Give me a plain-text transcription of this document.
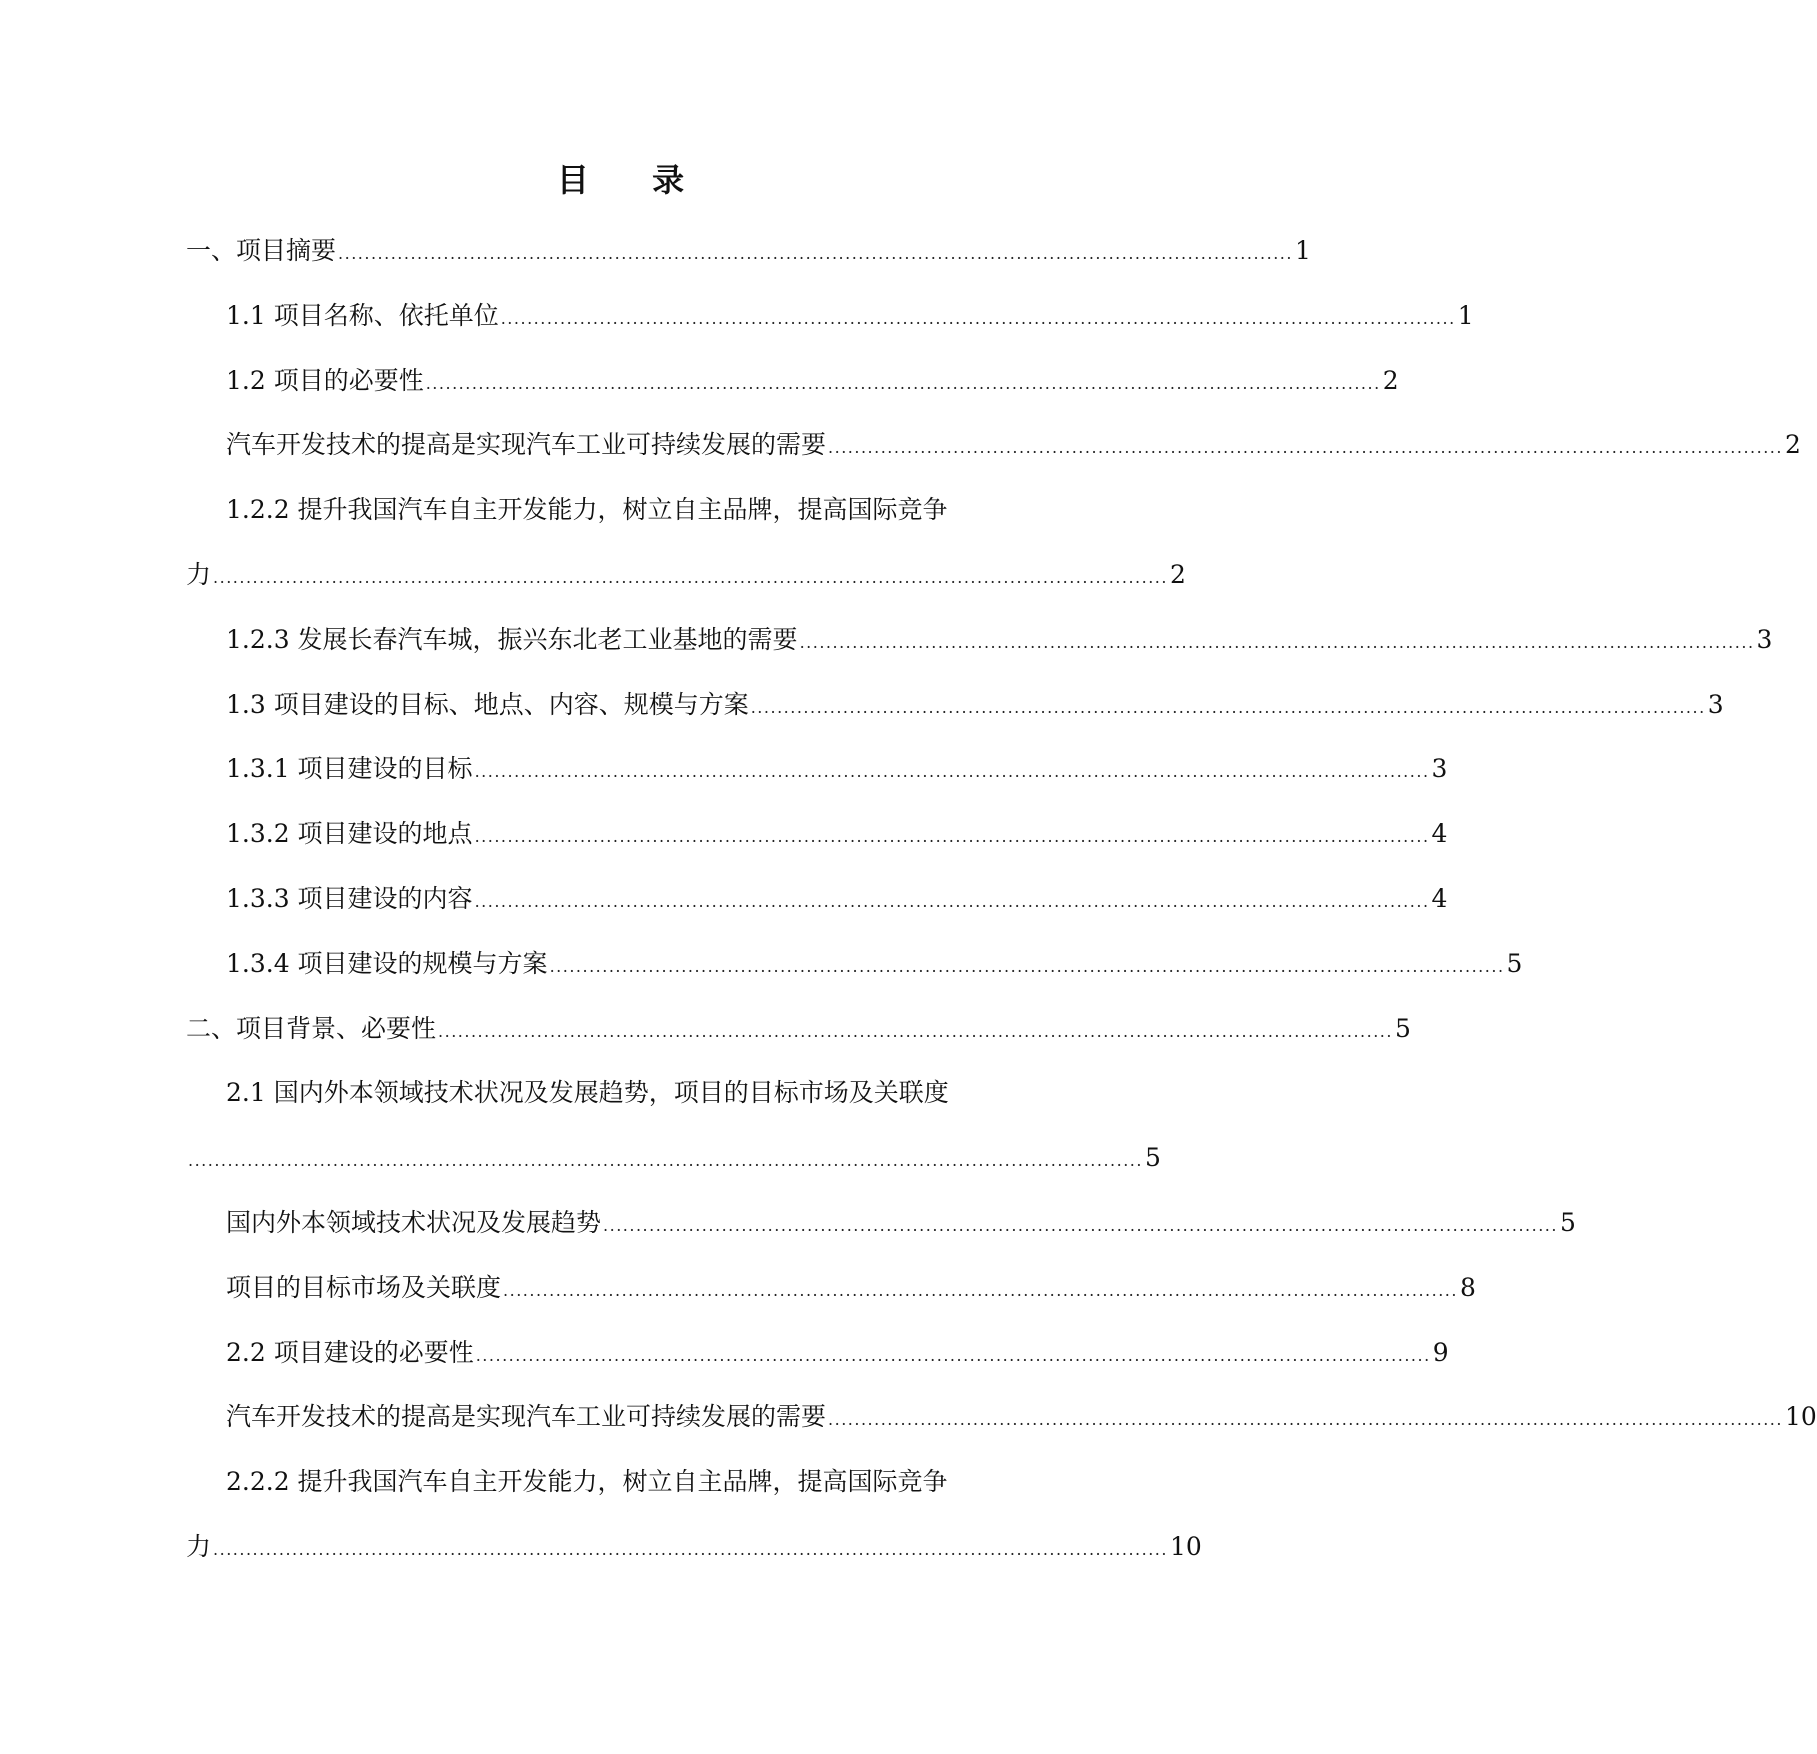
目 录
一、项目摘要 ................................................................................................................................................. 1
1.1 项目名称、依托单位 ................................................................................................................................................. 1
1.2 项目的必要性 ................................................................................................................................................. 2
汽车开发技术的提高是实现汽车工业可持续发展的需要 ................................................................................................................................................. 2
1.2.2 提升我国汽车自主开发能力，树立自主品牌，提高国际竞争
力 ................................................................................................................................................. 2
1.2.3 发展长春汽车城，振兴东北老工业基地的需要 ................................................................................................................................................. 3
1.3 项目建设的目标、地点、内容、规模与方案 ................................................................................................................................................. 3
1.3.1 项目建设的目标 ................................................................................................................................................. 3
1.3.2 项目建设的地点 ................................................................................................................................................. 4
1.3.3 项目建设的内容 ................................................................................................................................................. 4
1.3.4 项目建设的规模与方案 ................................................................................................................................................. 5
二、项目背景、必要性 ................................................................................................................................................. 5
2.1 国内外本领域技术状况及发展趋势，项目的目标市场及关联度
................................................................................................................................................. 5
国内外本领域技术状况及发展趋势 ................................................................................................................................................. 5
项目的目标市场及关联度 ................................................................................................................................................. 8
2.2 项目建设的必要性 ................................................................................................................................................. 9
汽车开发技术的提高是实现汽车工业可持续发展的需要 ................................................................................................................................................. 10
2.2.2 提升我国汽车自主开发能力，树立自主品牌，提高国际竞争
力 ................................................................................................................................................. 10
